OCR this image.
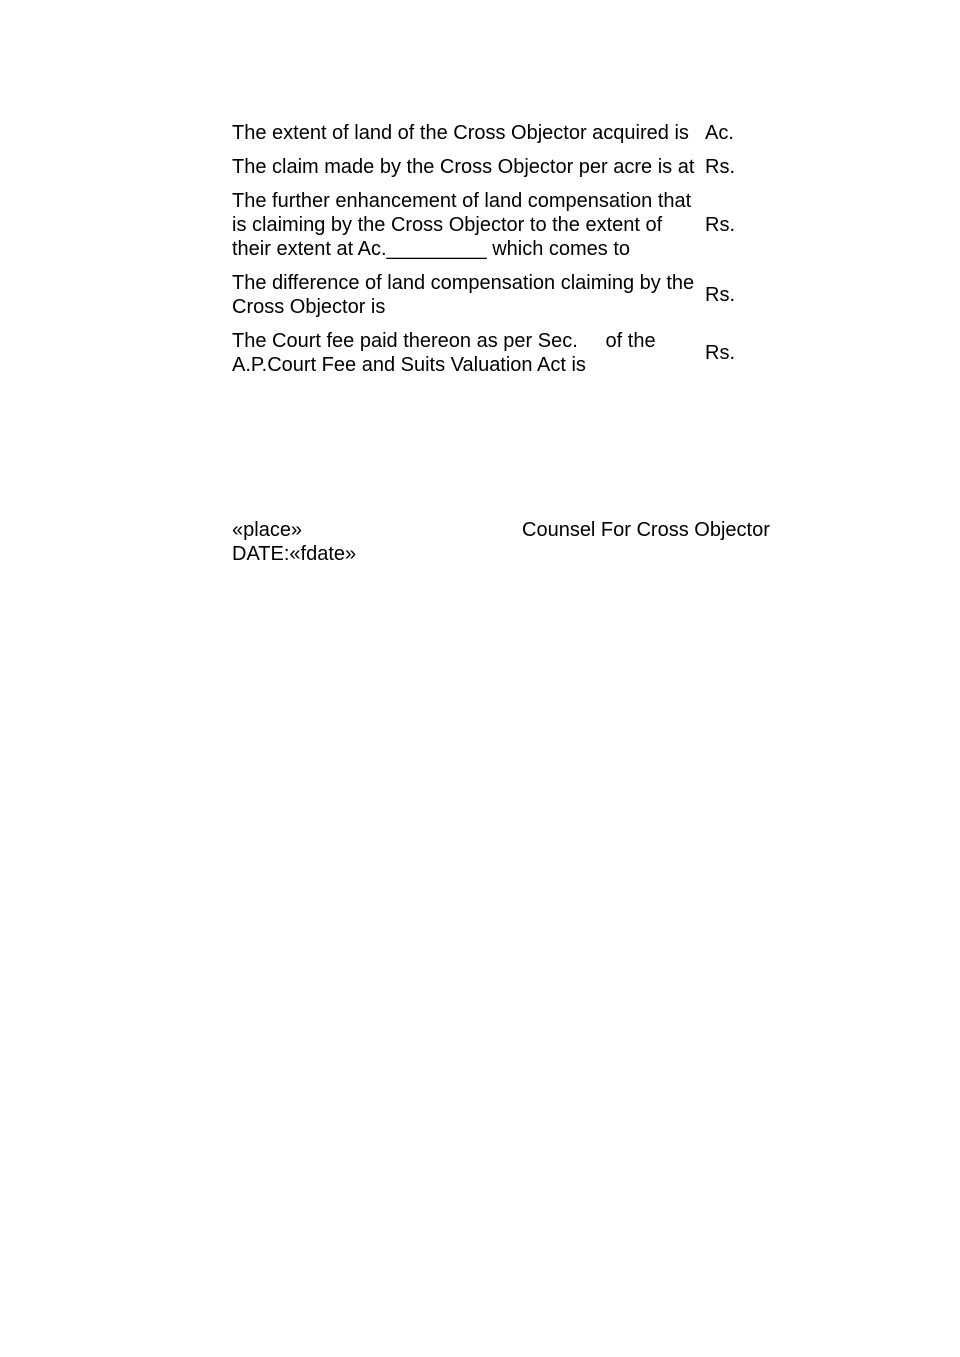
The extent of land of the Cross Objector acquired is	Ac.
The claim made by the Cross Objector per acre is at	Rs.
The further enhancement of land compensation that is claiming by the Cross Objector to the extent of their extent at Ac._________ which comes to	Rs.
The difference of land compensation claiming by the Cross Objector is	Rs.
The Court fee paid thereon as per Sec.     of the A.P.Court Fee and Suits Valuation Act is	Rs.
«place»
DATE:«fdate»
Counsel For Cross Objector
